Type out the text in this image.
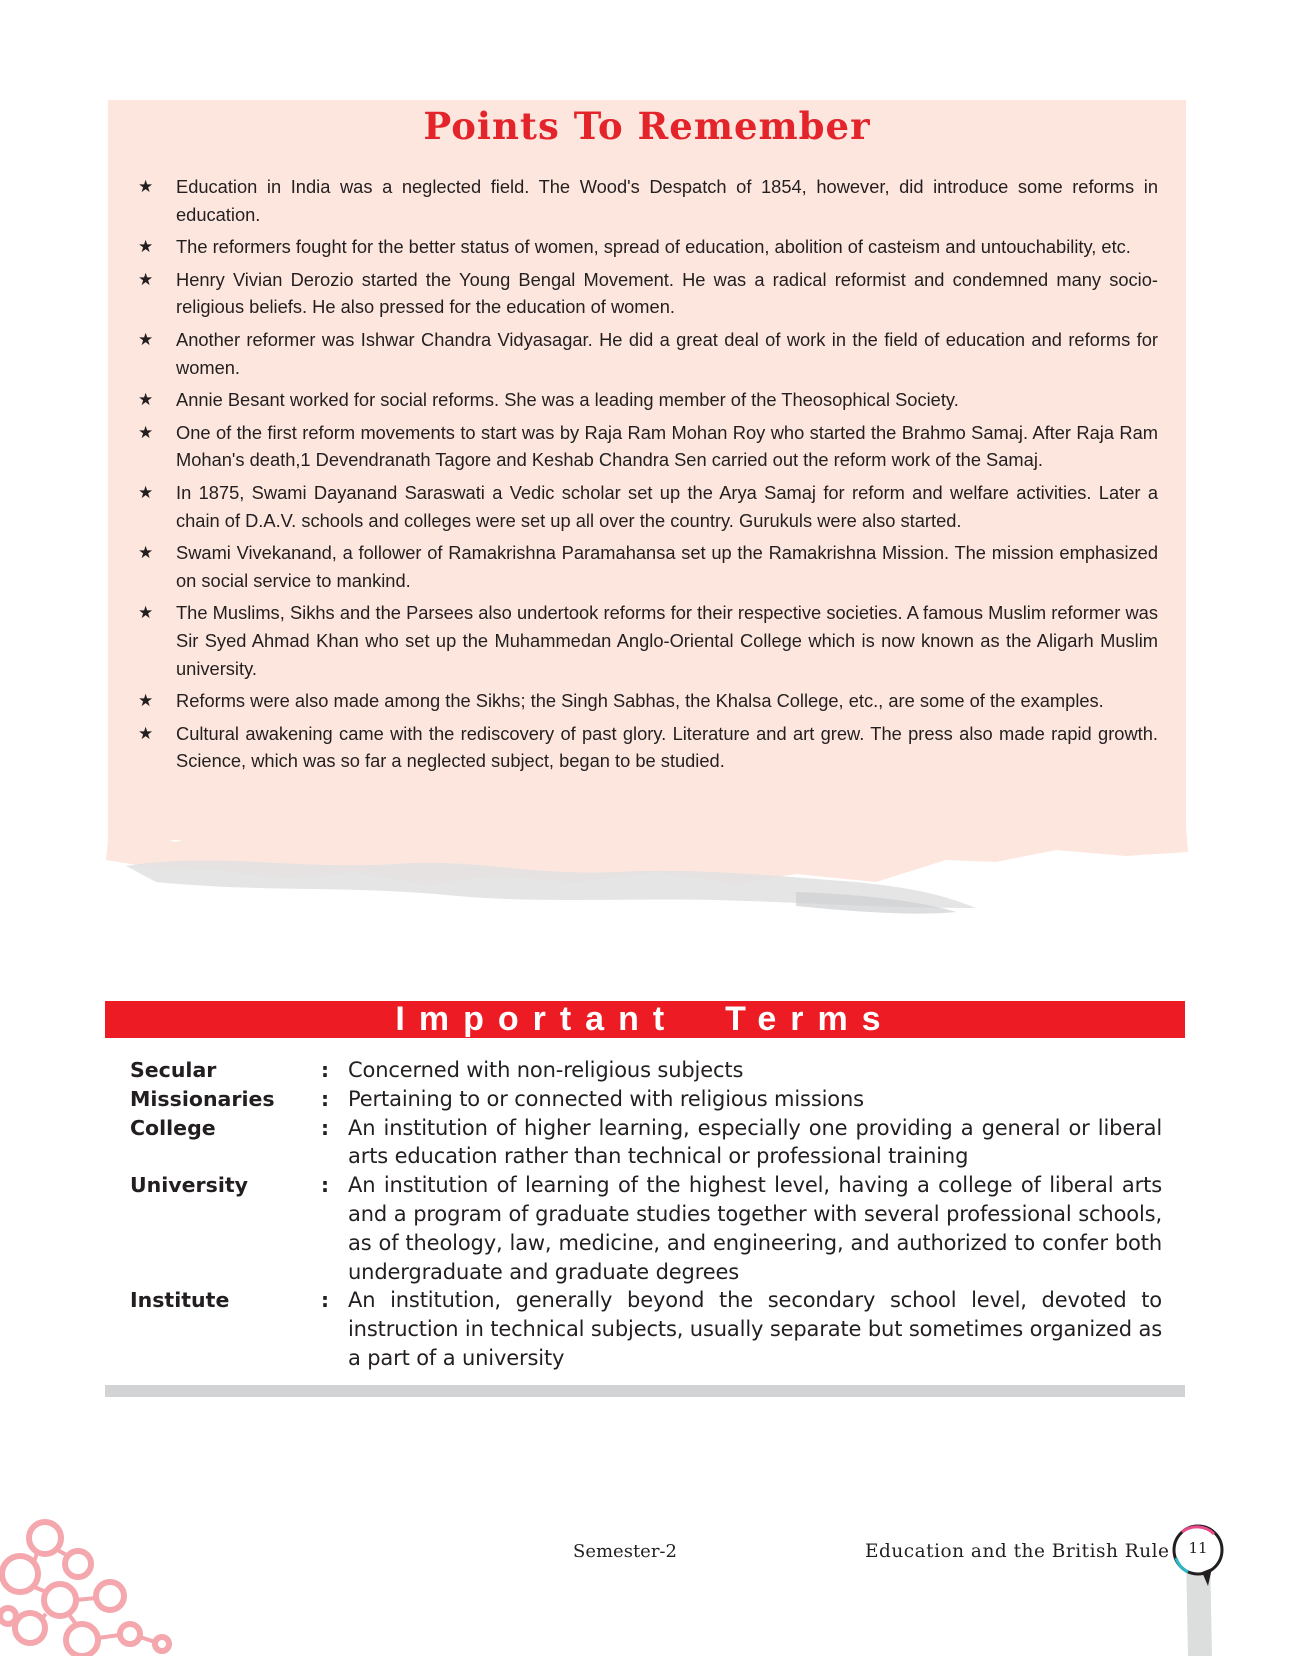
Points To Remember
★ Education in India was a neglected field. The Wood's Despatch of 1854, however, did introduce some reforms in education.
★ The reformers fought for the better status of women, spread of education, abolition of casteism and untouchability, etc.
★ Henry Vivian Derozio started the Young Bengal Movement. He was a radical reformist and condemned many socio-religious beliefs. He also pressed for the education of women.
★ Another reformer was Ishwar Chandra Vidyasagar. He did a great deal of work in the field of education and reforms for women.
★ Annie Besant worked for social reforms. She was a leading member of the Theosophical Society.
★ One of the first reform movements to start was by Raja Ram Mohan Roy who started the Brahmo Samaj. After Raja Ram Mohan's death,1 Devendranath Tagore and Keshab Chandra Sen carried out the reform work of the Samaj.
★ In 1875, Swami Dayanand Saraswati a Vedic scholar set up the Arya Samaj for reform and welfare activities. Later a chain of D.A.V. schools and colleges were set up all over the country. Gurukuls were also started.
★ Swami Vivekanand, a follower of Ramakrishna Paramahansa set up the Ramakrishna Mission. The mission emphasized on social service to mankind.
★ The Muslims, Sikhs and the Parsees also undertook reforms for their respective societies. A famous Muslim reformer was Sir Syed Ahmad Khan who set up the Muhammedan Anglo-Oriental College which is now known as the Aligarh Muslim university.
★ Reforms were also made among the Sikhs; the Singh Sabhas, the Khalsa College, etc., are some of the examples.
★ Cultural awakening came with the rediscovery of past glory. Literature and art grew. The press also made rapid growth. Science, which was so far a neglected subject, began to be studied.
Important  Terms
Secular	: Concerned with non-religious subjects
Missionaries	: Pertaining to or connected with religious missions
College	: An institution of higher learning, especially one providing a general or liberal arts education rather than technical or professional training
University	: An institution of learning of the highest level, having a college of liberal arts and a program of graduate studies together with several professional schools, as of theology, law, medicine, and engineering, and authorized to confer both undergraduate and graduate degrees
Institute	: An institution, generally beyond the secondary school level, devoted to instruction in technical subjects, usually separate but sometimes organized as a part of a university
Semester-2	Education and the British Rule	11
